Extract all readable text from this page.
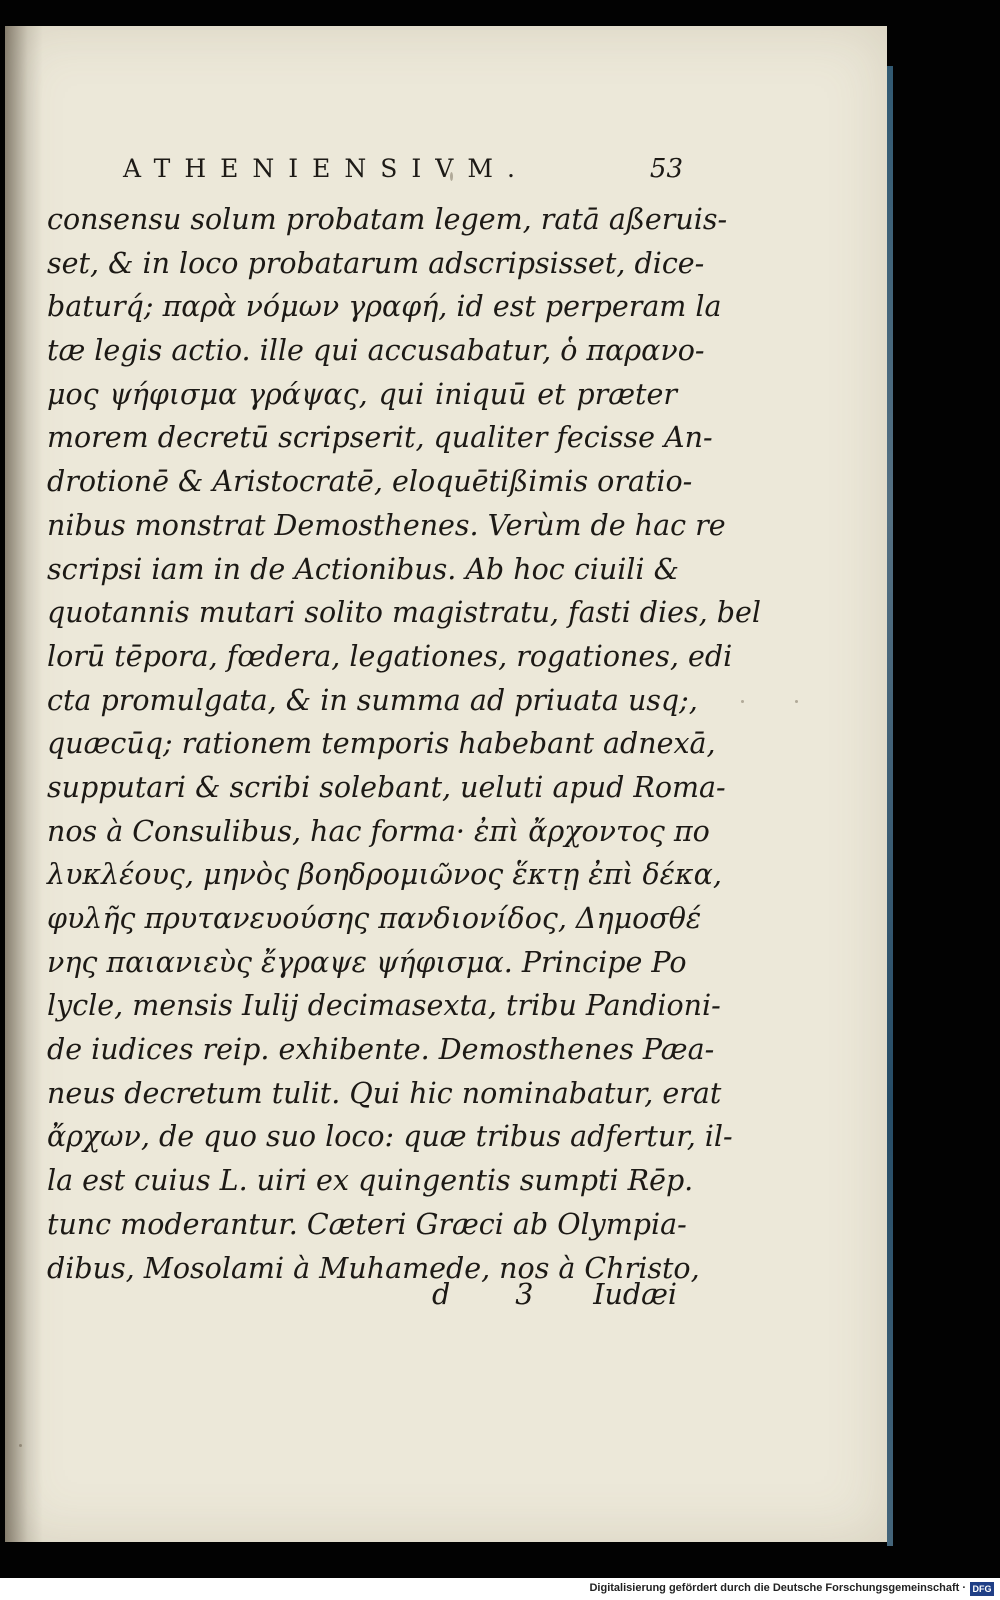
ATHENIENSIVM.	53
consensu solum probatam legem, ratā aßeruis-
set, & in loco probatarum adscripsisset, dice-
baturq́; παρὰ νόμων γραφή, id est perperam la
tæ legis actio. ille qui accusabatur, ὁ παρανο-
μος ψήφισμα γράψας, qui iniquū et præter
morem decretū scripserit, qualiter fecisse An-
drotionē & Aristocratē, eloquētißimis oratio-
nibus monstrat Demosthenes. Verùm de hac re
scripsi iam in de Actionibus. Ab hoc ciuili &
quotannis mutari solito magistratu, fasti dies, bel
lorū tēpora, fœdera, legationes, rogationes, edi
cta promulgata, & in summa ad priuata usq;,
quæcūq; rationem temporis habebant adnexā,
supputari & scribi solebant, ueluti apud Roma-
nos à Consulibus, hac forma· ἐπὶ ἄρχοντος πο
λυκλέους, μηνὸς βοηδρομιῶνος ἕκτῃ ἐπὶ δέκα,
φυλῆς πρυτανευούσης πανδιονίδος, Δημοσθέ
νης παιανιεὺς ἔγραψε ψήφισμα. Principe Po
lycle, mensis Iulij decimasexta, tribu Pandioni-
de iudices reip. exhibente. Demosthenes Pæa-
neus decretum tulit. Qui hic nominabatur, erat
ἄρχων, de quo suo loco: quæ tribus adfertur, il-
la est cuius L. uiri ex quingentis sumpti Rēp.
tunc moderantur. Cæteri Græci ab Olympia-
dibus, Mosolami à Muhamede, nos à Christo,
d 3 Iudæi
Digitalisierung gefördert durch die Deutsche Forschungsgemeinschaft · DFG
